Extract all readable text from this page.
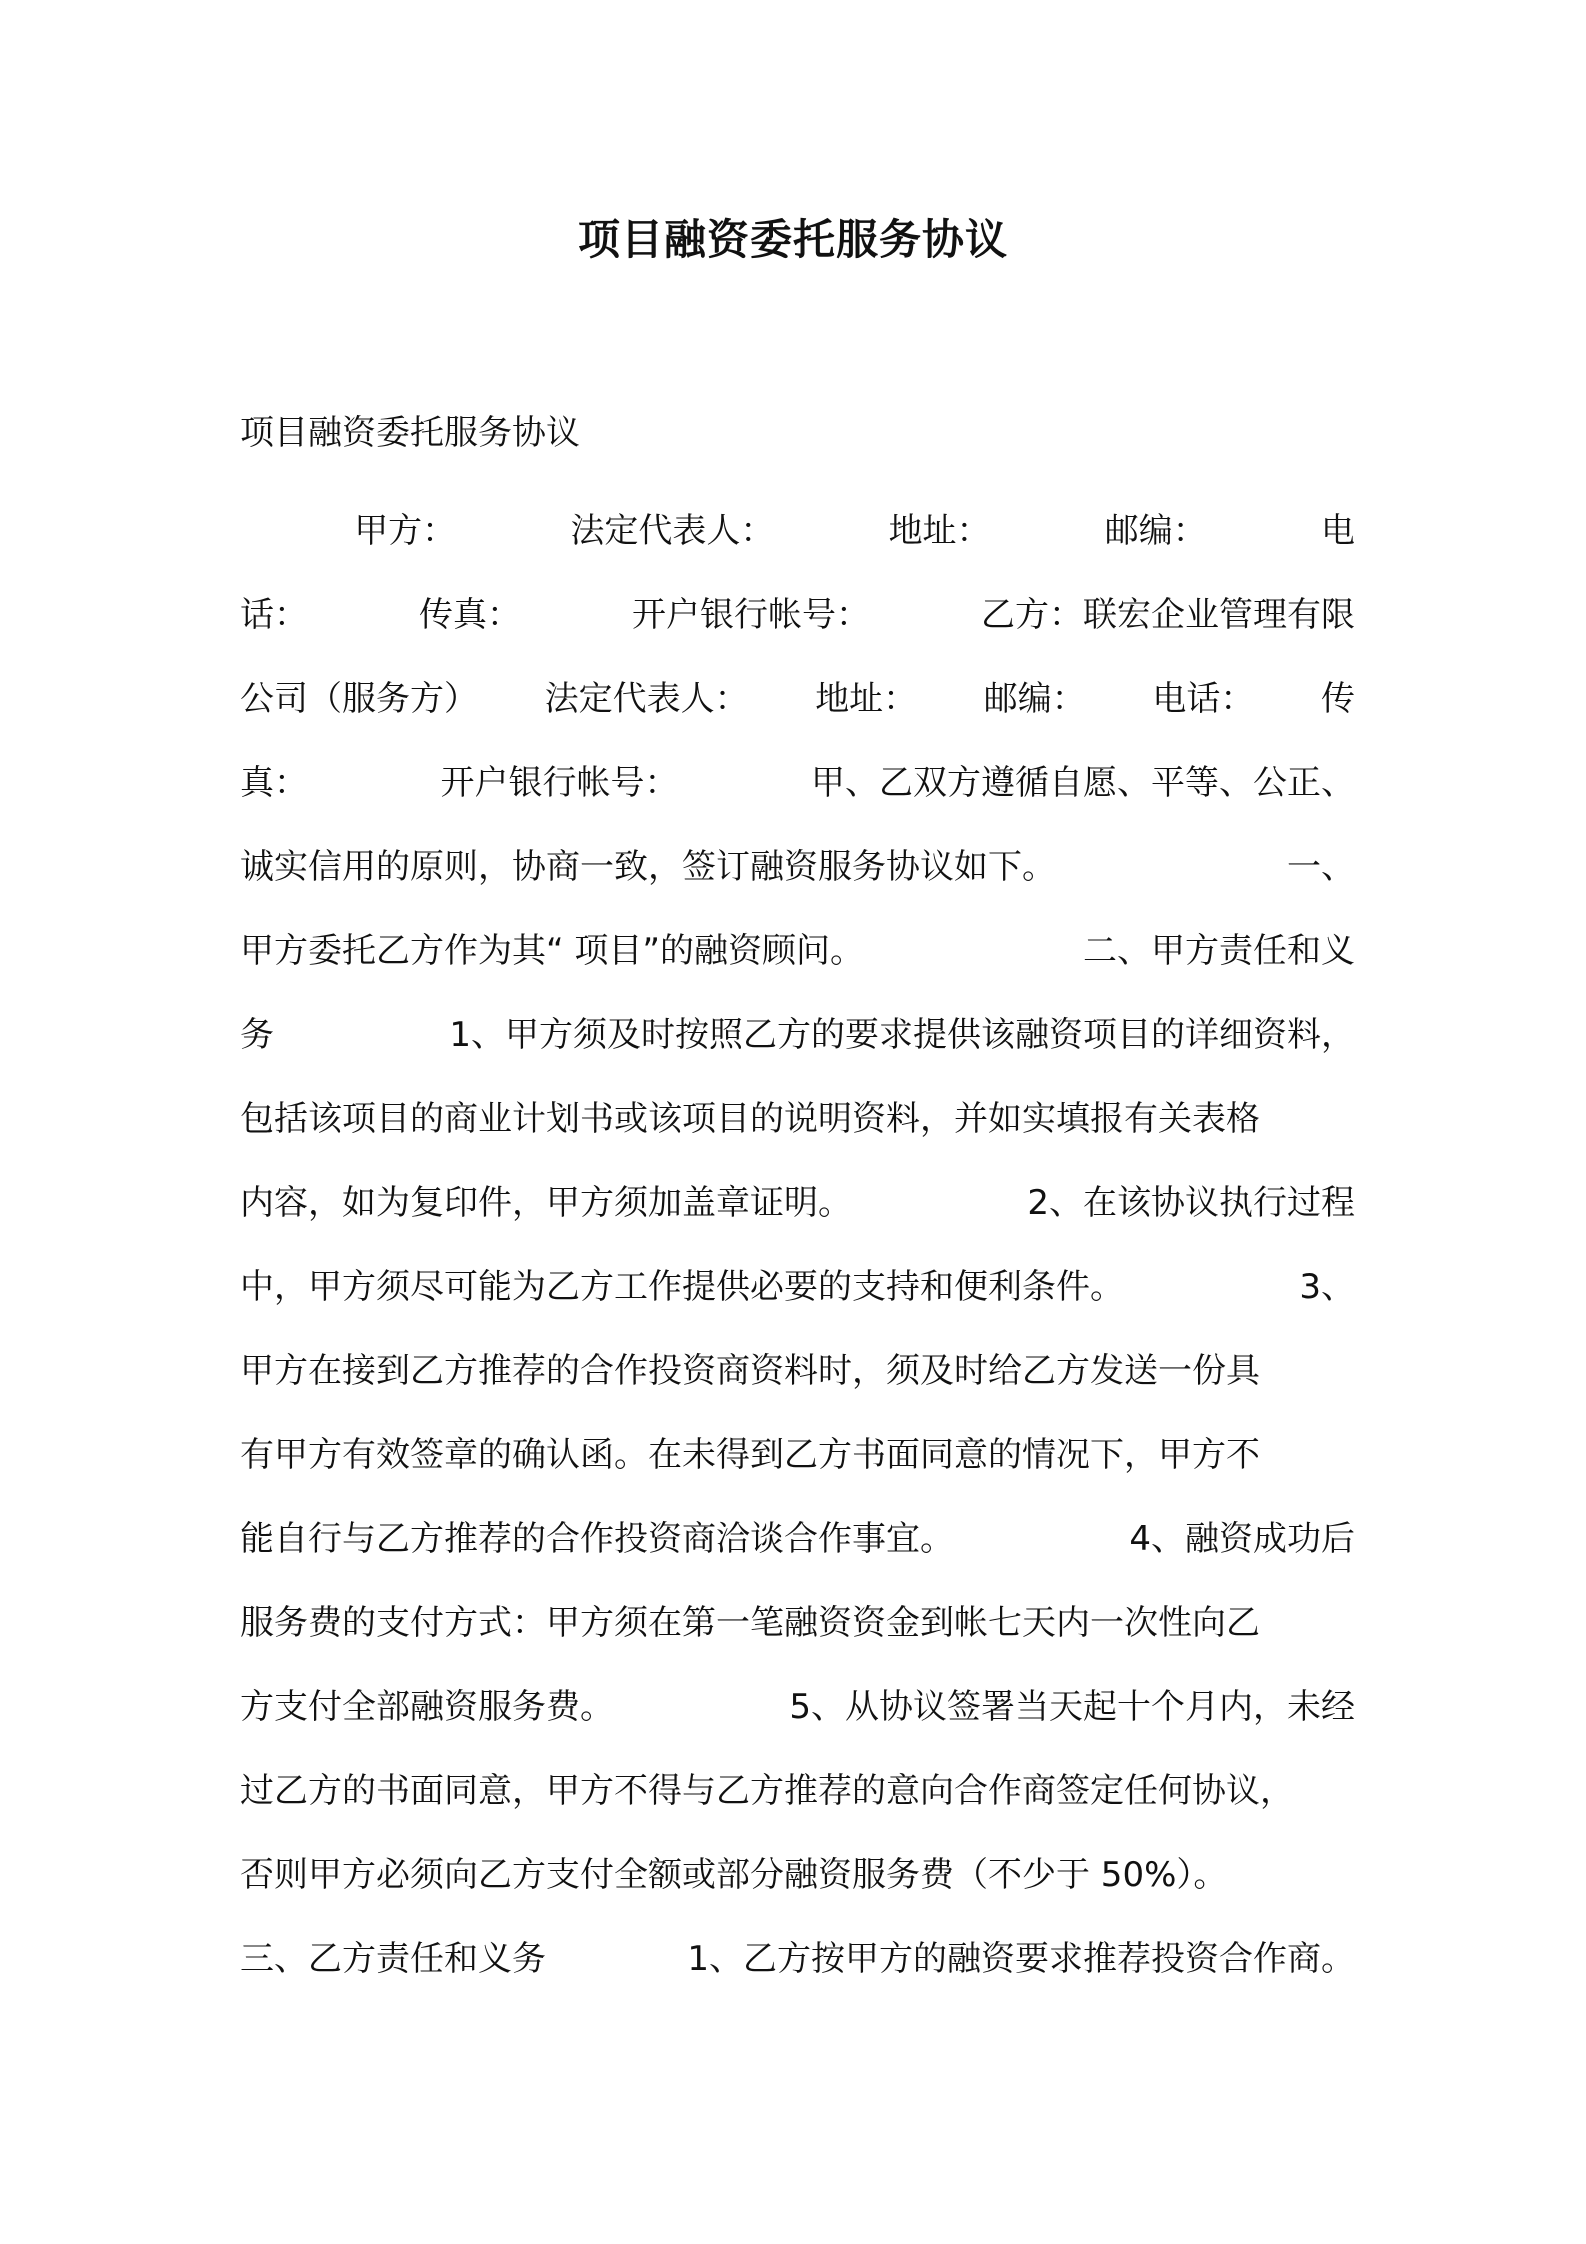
项目融资委托服务协议
项目融资委托服务协议
甲方：	法定代表人：	地址：	邮编：	电
话：	传真：	开户银行帐号：	乙方：联宏企业管理有限
公司（服务方） 法定代表人： 地址： 邮编： 电话： 传
真：	开户银行帐号：	甲、乙双方遵循自愿、平等、公正、
诚实信用的原则，协商一致，签订融资服务协议如下。	一、
甲方委托乙方作为其“ 项目”的融资顾问。	二、甲方责任和义
务	1、甲方须及时按照乙方的要求提供该融资项目的详细资料，
包括该项目的商业计划书或该项目的说明资料，并如实填报有关表格
内容，如为复印件，甲方须加盖章证明。	2、在该协议执行过程
中，甲方须尽可能为乙方工作提供必要的支持和便利条件。	3、
甲方在接到乙方推荐的合作投资商资料时，须及时给乙方发送一份具
有甲方有效签章的确认函。在未得到乙方书面同意的情况下，甲方不
能自行与乙方推荐的合作投资商洽谈合作事宜。	4、融资成功后
服务费的支付方式：甲方须在第一笔融资资金到帐七天内一次性向乙
方支付全部融资服务费。	5、从协议签署当天起十个月内，未经
过乙方的书面同意，甲方不得与乙方推荐的意向合作商签定任何协议，
否则甲方必须向乙方支付全额或部分融资服务费（不少于 50%）。
三、乙方责任和义务	1、乙方按甲方的融资要求推荐投资合作商。
